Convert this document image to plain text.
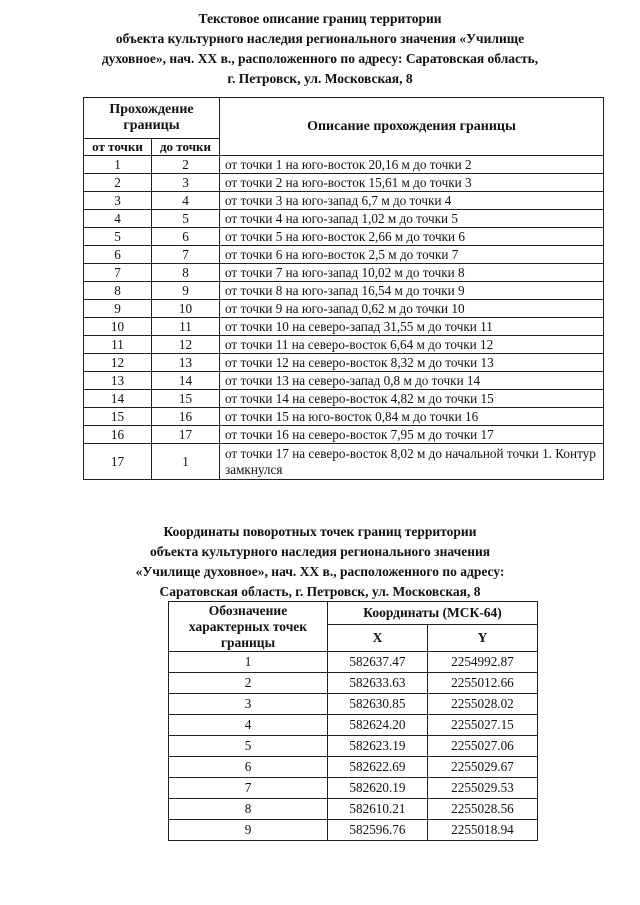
Текстовое описание границ территории
объекта культурного наследия регионального значения «Училище
духовное», нач. XX в., расположенного по адресу: Саратовская область,
г. Петровск, ул. Московская, 8
Прохождение границы		Описание прохождения границы
от точки	до точки	
1	2	от точки 1 на юго-восток 20,16 м до точки 2
2	3	от точки 2 на юго-восток 15,61 м до точки 3
3	4	от точки 3 на юго-запад 6,7 м до точки 4
4	5	от точки 4 на юго-запад 1,02 м до точки 5
5	6	от точки 5 на юго-восток 2,66 м до точки 6
6	7	от точки 6 на юго-восток 2,5 м до точки 7
7	8	от точки 7 на юго-запад 10,02 м до точки 8
8	9	от точки 8 на юго-запад 16,54 м до точки 9
9	10	от точки 9 на юго-запад 0,62 м до точки 10
10	11	от точки 10 на северо-запад 31,55 м до точки 11
11	12	от точки 11 на северо-восток 6,64 м до точки 12
12	13	от точки 12 на северо-восток 8,32 м до точки 13
13	14	от точки 13 на северо-запад 0,8 м до точки 14
14	15	от точки 14 на северо-восток 4,82 м до точки 15
15	16	от точки 15 на юго-восток 0,84 м до точки 16
16	17	от точки 16 на северо-восток 7,95 м до точки 17
17	1	от точки 17 на северо-восток 8,02 м до начальной точки 1. Контур замкнулся
Координаты поворотных точек границ территории
объекта культурного наследия регионального значения
«Училище духовное», нач. XX в., расположенного по адресу:
Саратовская область, г. Петровск, ул. Московская, 8
Обозначение характерных точек границы	Координаты (МСК-64)	
	X	Y
1	582637.47	2254992.87
2	582633.63	2255012.66
3	582630.85	2255028.02
4	582624.20	2255027.15
5	582623.19	2255027.06
6	582622.69	2255029.67
7	582620.19	2255029.53
8	582610.21	2255028.56
9	582596.76	2255018.94
